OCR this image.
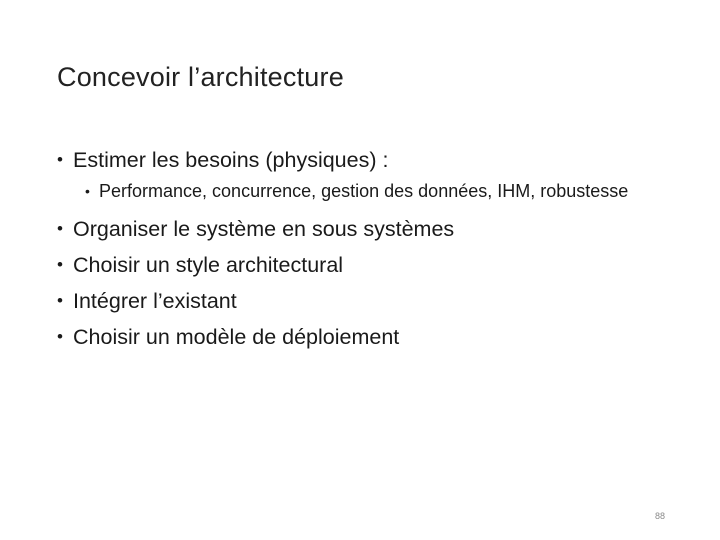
Concevoir l’architecture
• Estimer les besoins (physiques) :
• Performance, concurrence, gestion des données, IHM, robustesse
• Organiser le système en sous systèmes
• Choisir un style architectural
• Intégrer l’existant
• Choisir un modèle de déploiement
88
